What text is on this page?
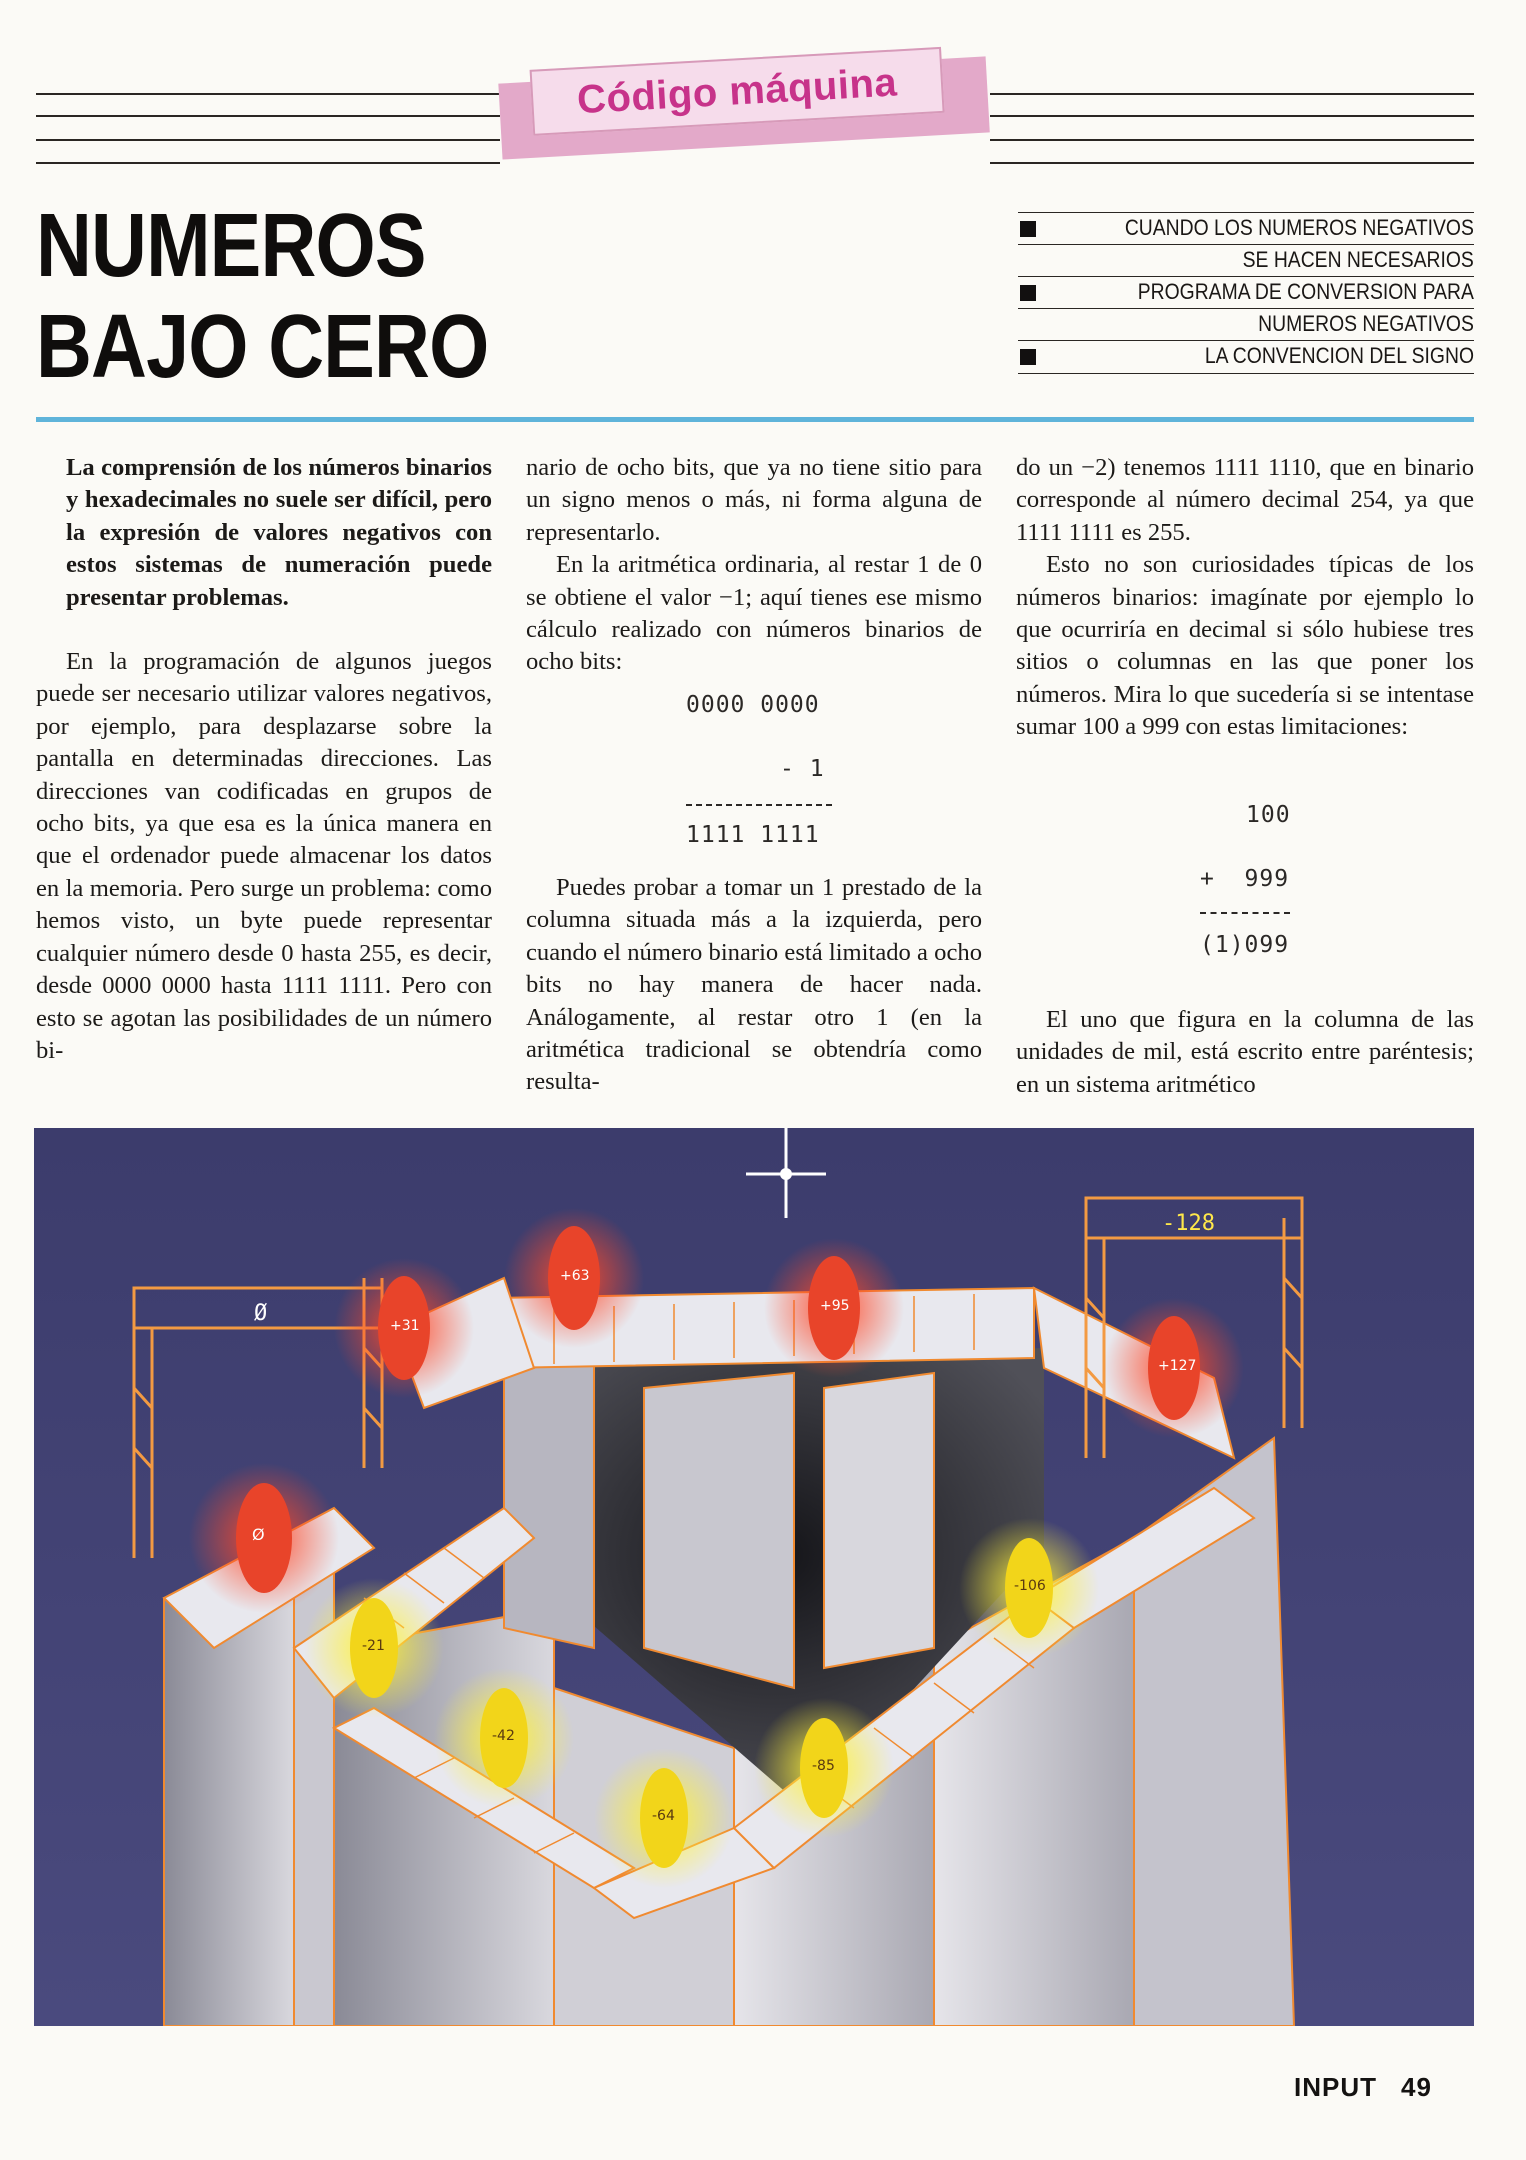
Código máquina
NUMEROS
BAJO CERO
CUANDO LOS NUMEROS NEGATIVOS
SE HACEN NECESARIOS
PROGRAMA DE CONVERSION PARA
NUMEROS NEGATIVOS
LA CONVENCION DEL SIGNO

La comprensión de los números binarios y hexadecimales no suele ser difícil, pero la expresión de valores negativos con estos sistemas de numeración puede presentar problemas.

En la programación de algunos juegos puede ser necesario utilizar valores negativos, por ejemplo, para desplazarse sobre la pantalla en determinadas direcciones. Las direcciones van codificadas en grupos de ocho bits, ya que esa es la única manera en que el ordenador puede almacenar los datos en la memoria. Pero surge un problema: como hemos visto, un byte puede representar cualquier número desde 0 hasta 255, es decir, desde 0000 0000 hasta 1111 1111. Pero con esto se agotan las posibilidades de un número bi-

nario de ocho bits, que ya no tiene sitio para un signo menos o más, ni forma alguna de representarlo.

En la aritmética ordinaria, al restar 1 de 0 se obtiene el valor −1; aquí tienes ese mismo cálculo realizado con números binarios de ocho bits:

0000 0000
- 1
1111 1111

Puedes probar a tomar un 1 prestado de la columna situada más a la izquierda, pero cuando el número binario está limitado a ocho bits no hay manera de hacer nada. Análogamente, al restar otro 1 (en la aritmética tradicional se obtendría como resulta-

do un −2) tenemos 1111 1110, que en binario corresponde al número decimal 254, ya que 1111 1111 es 255.

Esto no son curiosidades típicas de los números binarios: imagínate por ejemplo lo que ocurriría en decimal si sólo hubiese tres sitios o columnas en las que poner los números. Mira lo que sucedería si se intentase sumar 100 a 999 con estas limitaciones:

100
+  999
(1)099

El uno que figura en la columna de las unidades de mil, está escrito entre paréntesis; en un sistema aritmético

Ø
-128
Ø
+31
+63
+95
+127
-21
-42
-64
-85
-106
INPUT 49
